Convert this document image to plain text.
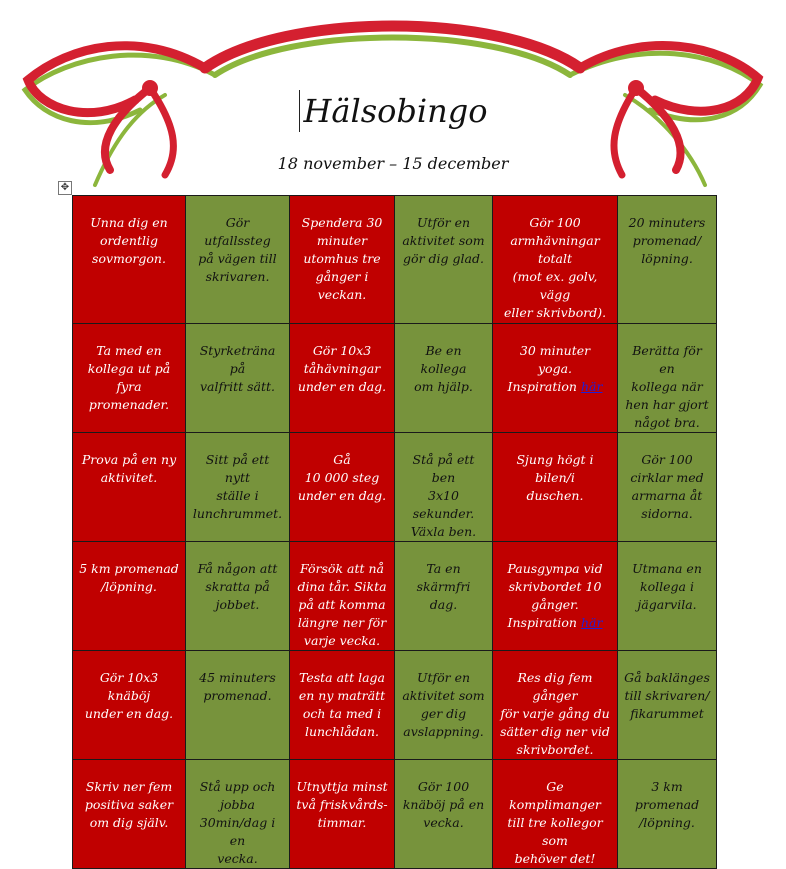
Hälsobingo
18 november – 15 december
✥
Unna dig en
ordentlig
sovmorgon.	Gör utfallssteg
på vägen till
skrivaren.	Spendera 30
minuter
utomhus tre
gånger i veckan.	Utför en
aktivitet som
gör dig glad.	Gör 100
armhävningar
totalt
(mot ex. golv, vägg
eller skrivbord).	20 minuters
promenad/
löpning.
Ta med en
kollega ut på
fyra promenader.	Styrketräna på
valfritt sätt.	Gör 10x3
tåhävningar
under en dag.	Be en kollega
om hjälp.	30 minuter
yoga.
Inspiration här	Berätta för en
kollega när
hen har gjort
något bra.
Prova på en ny
aktivitet.	Sitt på ett nytt
ställe i
lunchrummet.	Gå
10 000 steg
under en dag.	Stå på ett ben
3x10
sekunder.
Växla ben.	Sjung högt i bilen/i
duschen.	Gör 100
cirklar med
armarna åt
sidorna.
5 km promenad
/löpning.	Få någon att
skratta på
jobbet.	Försök att nå
dina tår. Sikta
på att komma
längre ner för
varje vecka.	Ta en skärmfri
dag.	Pausgympa vid
skrivbordet 10
gånger.
Inspiration här	Utmana en
kollega i
jägarvila.
Gör 10x3 knäböj
under en dag.	45 minuters
promenad.	Testa att laga
en ny maträtt
och ta med i
lunchlådan.	Utför en
aktivitet som
ger dig
avslappning.	Res dig fem gånger
för varje gång du
sätter dig ner vid
skrivbordet.	Gå baklänges
till skrivaren/
fikarummet
Skriv ner fem
positiva saker
om dig själv.	Stå upp och
jobba
30min/dag i en
vecka.	Utnyttja minst
två friskvårds-
timmar.	Gör 100
knäböj på en
vecka.	Ge komplimanger
till tre kollegor som
behöver det!	3 km
promenad
/löpning.
